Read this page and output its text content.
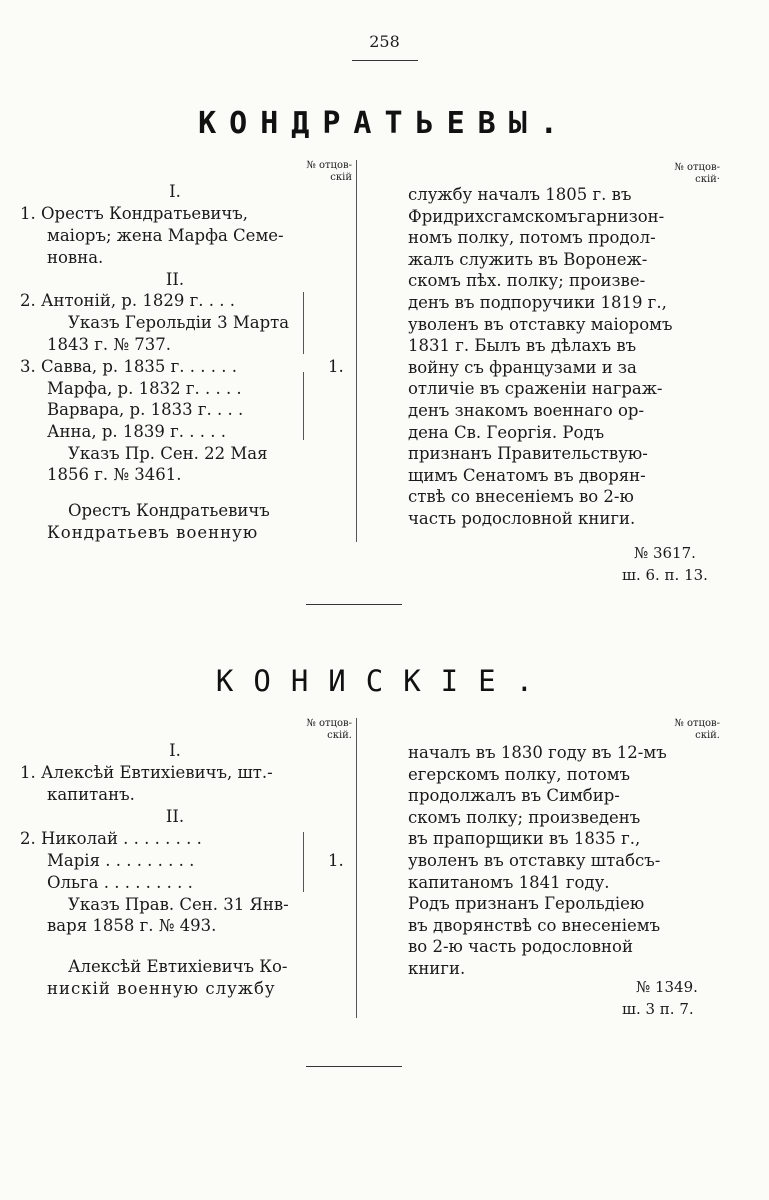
258
КОНДРАТЬЕВЫ.
№ отцов-
скій
№ отцов-
скій·
I.
1. Орестъ Кондратьевичъ,
маіоръ; жена Марфа Семе-
новна.
II.
2. Антоній, р. 1829 г. . . .
Указъ Герольдіи 3 Марта
1843 г. № 737.
3. Савва, р. 1835 г. . . . . .
Марфа, р. 1832 г. . . . .
Варвара, р. 1833 г. . . .
Анна, р. 1839 г. . . . .
Указъ Пр. Сен. 22 Мая
1856 г. № 3461.
1.
Орестъ Кондратьевичъ
Кондратьевъ военную
службу началъ 1805 г. въ
Фридрихсгамскомъгарнизон-
номъ полку, потомъ продол-
жалъ служить въ Воронеж-
скомъ пѣх. полку; произве-
денъ въ подпоручики 1819 г.,
уволенъ въ отставку маіоромъ
1831 г. Былъ въ дѣлахъ въ
войну съ французами и за
отличіе въ сраженіи награж-
денъ знакомъ военнаго ор-
дена Св. Георгія. Родъ
признанъ Правительствую-
щимъ Сенатомъ въ дворян-
ствѣ со внесеніемъ во 2-ю
часть родословной книги.
№ 3617.
ш. 6. п. 13.
КОНИСКІЕ.
№ отцов-
скій.
№ отцов-
скій.
I.
1. Алексѣй Евтихіевичъ, шт.-
капитанъ.
II.
2. Николай . . . . . . . .
Марія . . . . . . . . .
Ольга . . . . . . . . .
Указъ Прав. Сен. 31 Янв-
варя 1858 г. № 493.
1.
Алексѣй Евтихіевичъ Ко-
нискій военную службу
началъ въ 1830 году въ 12-мъ
егерскомъ полку, потомъ
продолжалъ въ Симбир-
скомъ полку; произведенъ
въ прапорщики въ 1835 г.,
уволенъ въ отставку штабсъ-
капитаномъ 1841 году.
Родъ признанъ Герольдіею
въ дворянствѣ со внесеніемъ
во 2-ю часть родословной
книги.
№ 1349.
ш. 3 п. 7.
